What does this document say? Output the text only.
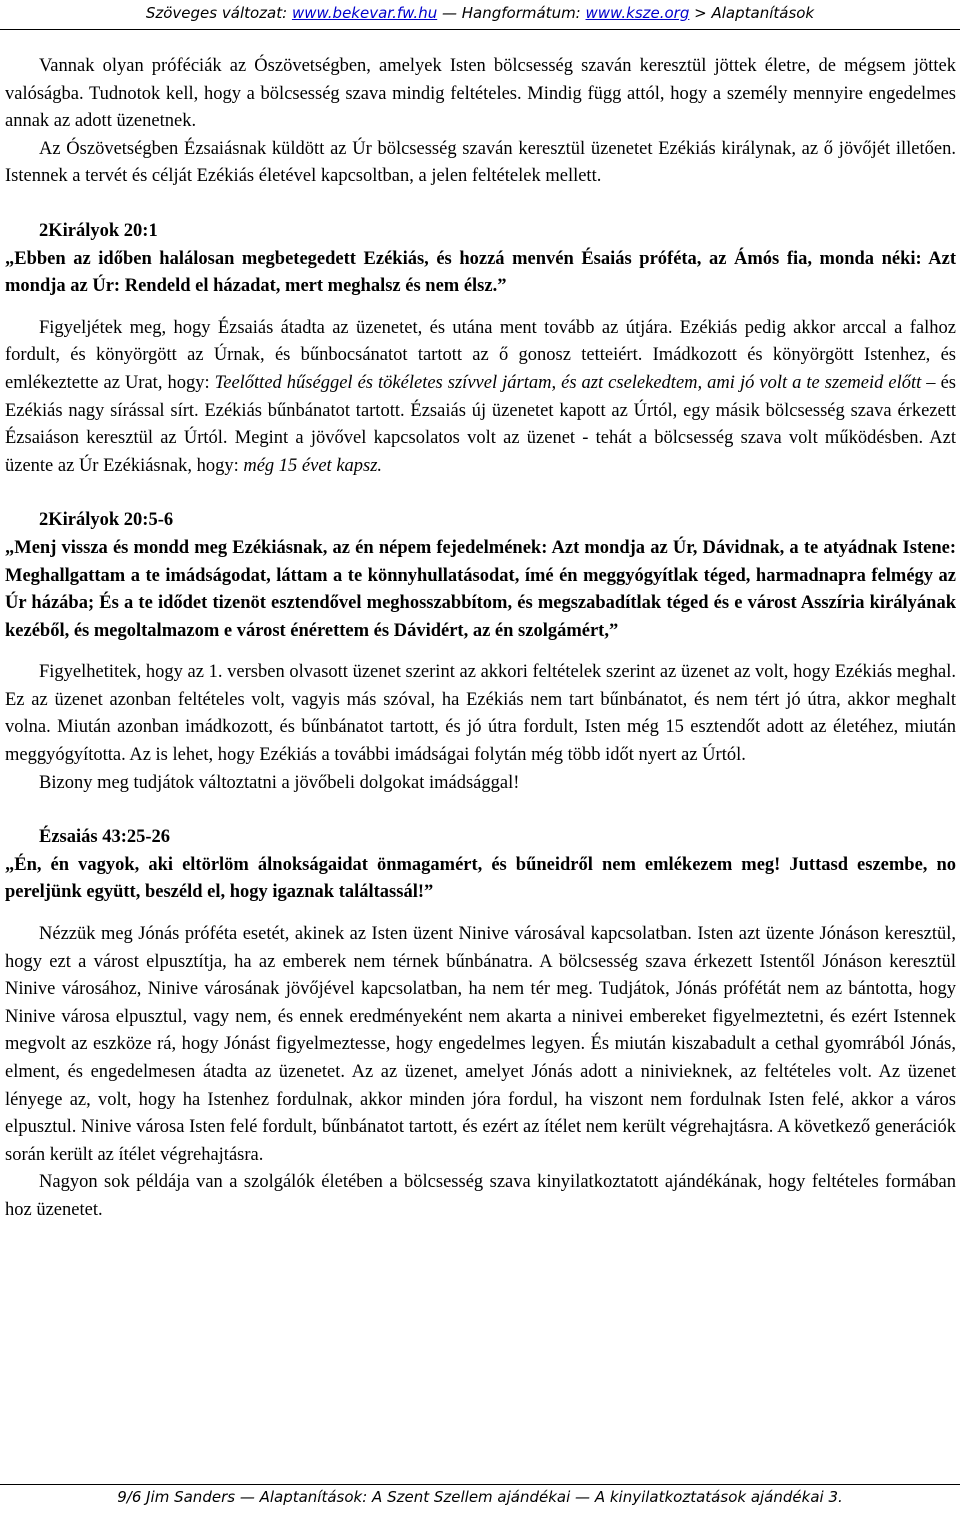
Szöveges változat: www.bekevar.fw.hu — Hangformátum: www.ksze.org > Alaptanítások

Vannak olyan próféciák az Ószövetségben, amelyek Isten bölcsesség szaván keresztül jöttek életre, de mégsem jöttek valóságba. Tudnotok kell, hogy a bölcsesség szava mindig feltételes. Mindig függ attól, hogy a személy mennyire engedelmes annak az adott üzenetnek.

Az Ószövetségben Ézsaiásnak küldött az Úr bölcsesség szaván keresztül üzenetet Ezékiás királynak, az ő jövőjét illetően. Istennek a tervét és célját Ezékiás életével kapcsoltban, a jelen feltételek mellett.

2Királyok 20:1

„Ebben az időben halálosan megbetegedett Ezékiás, és hozzá menvén Ésaiás próféta, az Ámós fia, monda néki: Azt mondja az Úr: Rendeld el házadat, mert meghalsz és nem élsz.”

Figyeljétek meg, hogy Ézsaiás átadta az üzenetet, és utána ment tovább az útjára. Ezékiás pedig akkor arccal a falhoz fordult, és könyörgött az Úrnak, és bűnbocsánatot tartott az ő gonosz tetteiért. Imádkozott és könyörgött Istenhez, és emlékeztette az Urat, hogy: Teelőtted hűséggel és tökéletes szívvel jártam, és azt cselekedtem, ami jó volt a te szemeid előtt – és Ezékiás nagy sírással sírt. Ezékiás bűnbánatot tartott. Ézsaiás új üzenetet kapott az Úrtól, egy másik bölcsesség szava érkezett Ézsaiáson keresztül az Úrtól. Megint a jövővel kapcsolatos volt az üzenet - tehát a bölcsesség szava volt működésben. Azt üzente az Úr Ezékiásnak, hogy: még 15 évet kapsz.

2Királyok 20:5-6

„Menj vissza és mondd meg Ezékiásnak, az én népem fejedelmének: Azt mondja az Úr, Dávidnak, a te atyádnak Istene: Meghallgattam a te imádságodat, láttam a te könnyhullatásodat, ímé én meggyógyítlak téged, harmadnapra felmégy az Úr házába; És a te idődet tizenöt esztendővel meghosszabbítom, és megszabadítlak téged és e várost Asszíria királyának kezéből, és megoltalmazom e várost énérettem és Dávidért, az én szolgámért,”

Figyelhetitek, hogy az 1. versben olvasott üzenet szerint az akkori feltételek szerint az üzenet az volt, hogy Ezékiás meghal. Ez az üzenet azonban feltételes volt, vagyis más szóval, ha Ezékiás nem tart bűnbánatot, és nem tért jó útra, akkor meghalt volna. Miután azonban imádkozott, és bűnbánatot tartott, és jó útra fordult, Isten még 15 esztendőt adott az életéhez, miután meggyógyította. Az is lehet, hogy Ezékiás a további imádságai folytán még több időt nyert az Úrtól.

Bizony meg tudjátok változtatni a jövőbeli dolgokat imádsággal!

Ézsaiás 43:25-26

„Én, én vagyok, aki eltörlöm álnokságaidat önmagamért, és bűneidről nem emlékezem meg! Juttasd eszembe, no pereljünk együtt, beszéld el, hogy igaznak találtassál!”

Nézzük meg Jónás próféta esetét, akinek az Isten üzent Ninive városával kapcsolatban. Isten azt üzente Jónáson keresztül, hogy ezt a várost elpusztítja, ha az emberek nem térnek bűnbánatra. A bölcsesség szava érkezett Istentől Jónáson keresztül Ninive városához, Ninive városának jövőjével kapcsolatban, ha nem tér meg. Tudjátok, Jónás prófétát nem az bántotta, hogy Ninive városa elpusztul, vagy nem, és ennek eredményeként nem akarta a ninivei embereket figyelmeztetni, és ezért Istennek megvolt az eszköze rá, hogy Jónást figyelmeztesse, hogy engedelmes legyen. És miután kiszabadult a cethal gyomrából Jónás, elment, és engedelmesen átadta az üzenetet. Az az üzenet, amelyet Jónás adott a ninivieknek, az feltételes volt. Az üzenet lényege az, volt, hogy ha Istenhez fordulnak, akkor minden jóra fordul, ha viszont nem fordulnak Isten felé, akkor a város elpusztul. Ninive városa Isten felé fordult, bűnbánatot tartott, és ezért az ítélet nem került végrehajtásra. A következő generációk során került az ítélet végrehajtásra.

Nagyon sok példája van a szolgálók életében a bölcsesség szava kinyilatkoztatott ajándékának, hogy feltételes formában hoz üzenetet.

9/6 Jim Sanders — Alaptanítások: A Szent Szellem ajándékai — A kinyilatkoztatások ajándékai 3.
